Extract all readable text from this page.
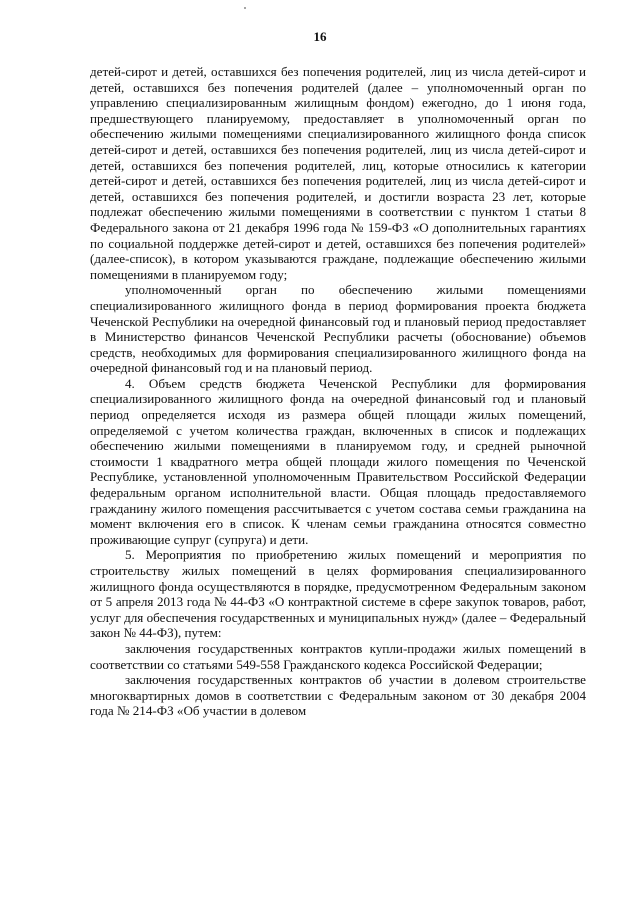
16

детей-сирот и детей, оставшихся без попечения родителей, лиц из числа детей-сирот и детей, оставшихся без попечения родителей (далее – уполномоченный орган по управлению специализированным жилищным фондом) ежегодно, до 1 июня года, предшествующего планируемому, предоставляет в уполномоченный орган по обеспечению жилыми помещениями специализированного жилищного фонда список детей-сирот и детей, оставшихся без попечения родителей, лиц из числа детей-сирот и детей, оставшихся без попечения родителей, лиц, которые относились к категории детей-сирот и детей, оставшихся без попечения родителей, лиц из числа детей-сирот и детей, оставшихся без попечения родителей, и достигли возраста 23 лет, которые подлежат обеспечению жилыми помещениями в соответствии с пунктом 1 статьи 8 Федерального закона от 21 декабря 1996 года № 159-ФЗ «О дополнительных гарантиях по социальной поддержке детей-сирот и детей, оставшихся без попечения родителей» (далее-список), в котором указываются граждане, подлежащие обеспечению жилыми помещениями в планируемом году;

уполномоченный орган по обеспечению жилыми помещениями специализированного жилищного фонда в период формирования проекта бюджета Чеченской Республики на очередной финансовый год и плановый период предоставляет в Министерство финансов Чеченской Республики расчеты (обоснование) объемов средств, необходимых для формирования специализированного жилищного фонда на очередной финансовый год и на плановый период.

4. Объем средств бюджета Чеченской Республики для формирования специализированного жилищного фонда на очередной финансовый год и плановый период определяется исходя из размера общей площади жилых помещений, определяемой с учетом количества граждан, включенных в список и подлежащих обеспечению жилыми помещениями в планируемом году, и средней рыночной стоимости 1 квадратного метра общей площади жилого помещения по Чеченской Республике, установленной уполномоченным Правительством Российской Федерации федеральным органом исполнительной власти. Общая площадь предоставляемого гражданину жилого помещения рассчитывается с учетом состава семьи гражданина на момент включения его в список. К членам семьи гражданина относятся совместно проживающие супруг (супруга) и дети.

5. Мероприятия по приобретению жилых помещений и мероприятия по строительству жилых помещений в целях формирования специализированного жилищного фонда осуществляются в порядке, предусмотренном Федеральным законом от 5 апреля 2013 года № 44-ФЗ «О контрактной системе в сфере закупок товаров, работ, услуг для обеспечения государственных и муниципальных нужд» (далее – Федеральный закон № 44-ФЗ), путем:

заключения государственных контрактов купли-продажи жилых помещений в соответствии со статьями 549-558 Гражданского кодекса Российской Федерации;

заключения государственных контрактов об участии в долевом строительстве многоквартирных домов в соответствии с Федеральным законом от 30 декабря 2004 года № 214-ФЗ «Об участии в долевом
